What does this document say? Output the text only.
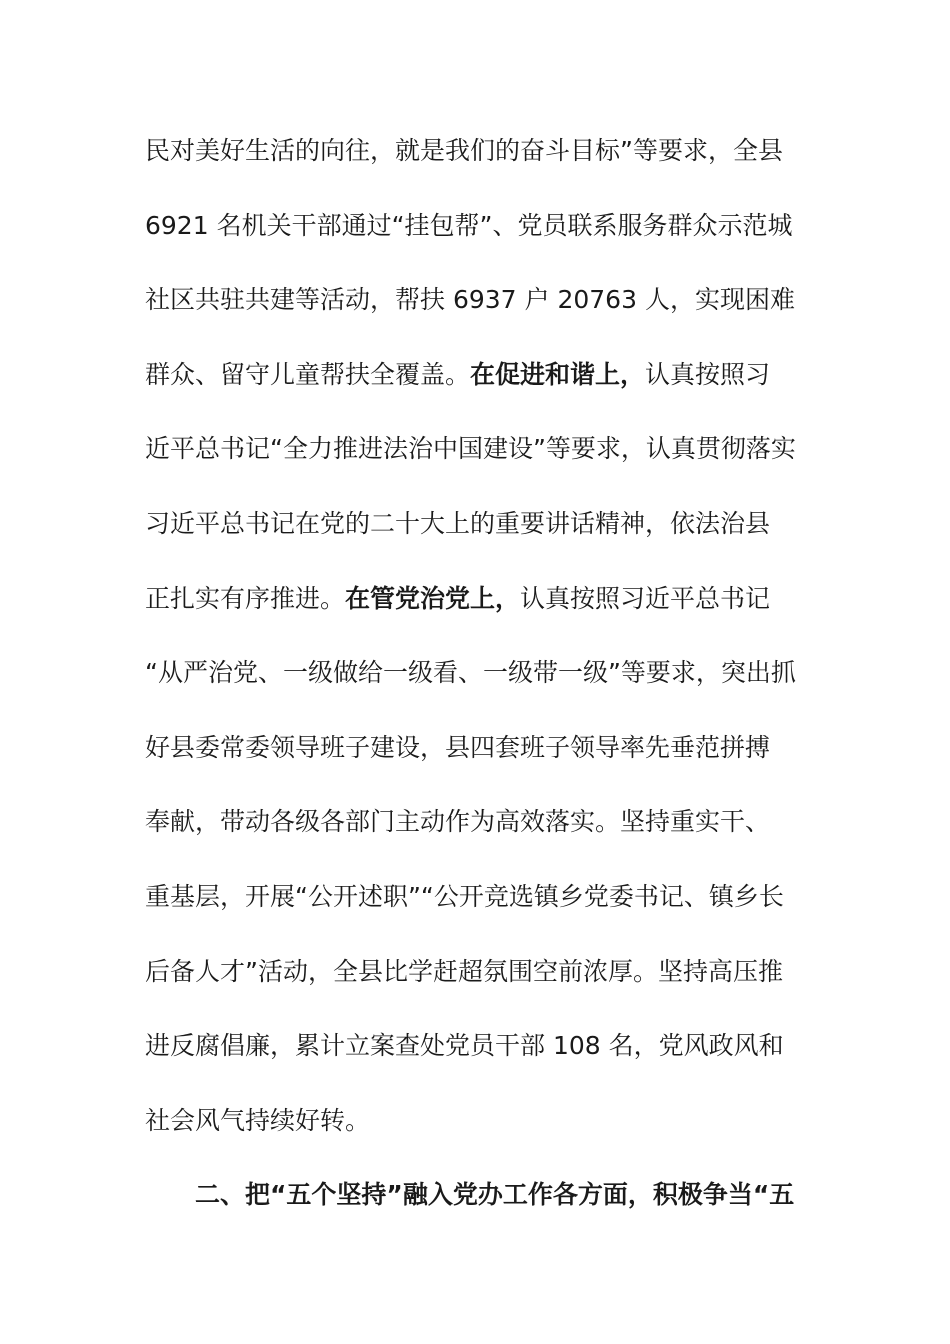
民对美好生活的向往，就是我们的奋斗目标”等要求，全县
6921 名机关干部通过“挂包帮”、党员联系服务群众示范城
社区共驻共建等活动，帮扶 6937 户 20763 人，实现困难
群众、留守儿童帮扶全覆盖。在促进和谐上，认真按照习
近平总书记“全力推进法治中国建设”等要求，认真贯彻落实
习近平总书记在党的二十大上的重要讲话精神，依法治县
正扎实有序推进。在管党治党上，认真按照习近平总书记
“从严治党、一级做给一级看、一级带一级”等要求，突出抓
好县委常委领导班子建设，县四套班子领导率先垂范拼搏
奉献，带动各级各部门主动作为高效落实。坚持重实干、
重基层，开展“公开述职”“公开竞选镇乡党委书记、镇乡长
后备人才”活动，全县比学赶超氛围空前浓厚。坚持高压推
进反腐倡廉，累计立案查处党员干部 108 名，党风政风和
社会风气持续好转。
二、把“五个坚持”融入党办工作各方面，积极争当“五
